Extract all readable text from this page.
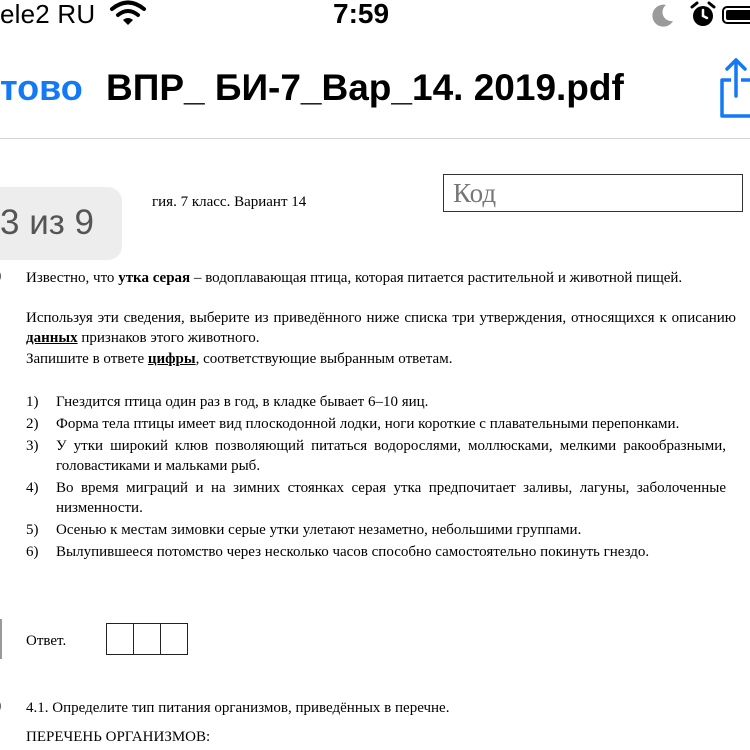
ele2 RU	7:59
тово ВПР_ БИ-7_Вар_14. 2019.pdf
гия. 7 класс. Вариант 14	Код
3 из 9
Известно, что утка серая – водоплавающая птица, которая питается растительной и животной пищей.
Используя эти сведения, выберите из приведённого ниже списка три утверждения, относящихся к описанию данных признаков этого животного.
Запишите в ответе цифры, соответствующие выбранным ответам.
1) Гнездится птица один раз в год, в кладке бывает 6–10 яиц.
2) Форма тела птицы имеет вид плоскодонной лодки, ноги короткие с плавательными перепонками.
3) У утки широкий клюв позволяющий питаться водорослями, моллюсками, мелкими ракообразными, головастиками и мальками рыб.
4) Во время миграций и на зимних стоянках серая утка предпочитает заливы, лагуны, заболоченные низменности.
5) Осенью к местам зимовки серые утки улетают незаметно, небольшими группами.
6) Вылупившееся потомство через несколько часов способно самостоятельно покинуть гнездо.
Ответ.
4.1. Определите тип питания организмов, приведённых в перечне.
ПЕРЕЧЕНЬ ОРГАНИЗМОВ:
